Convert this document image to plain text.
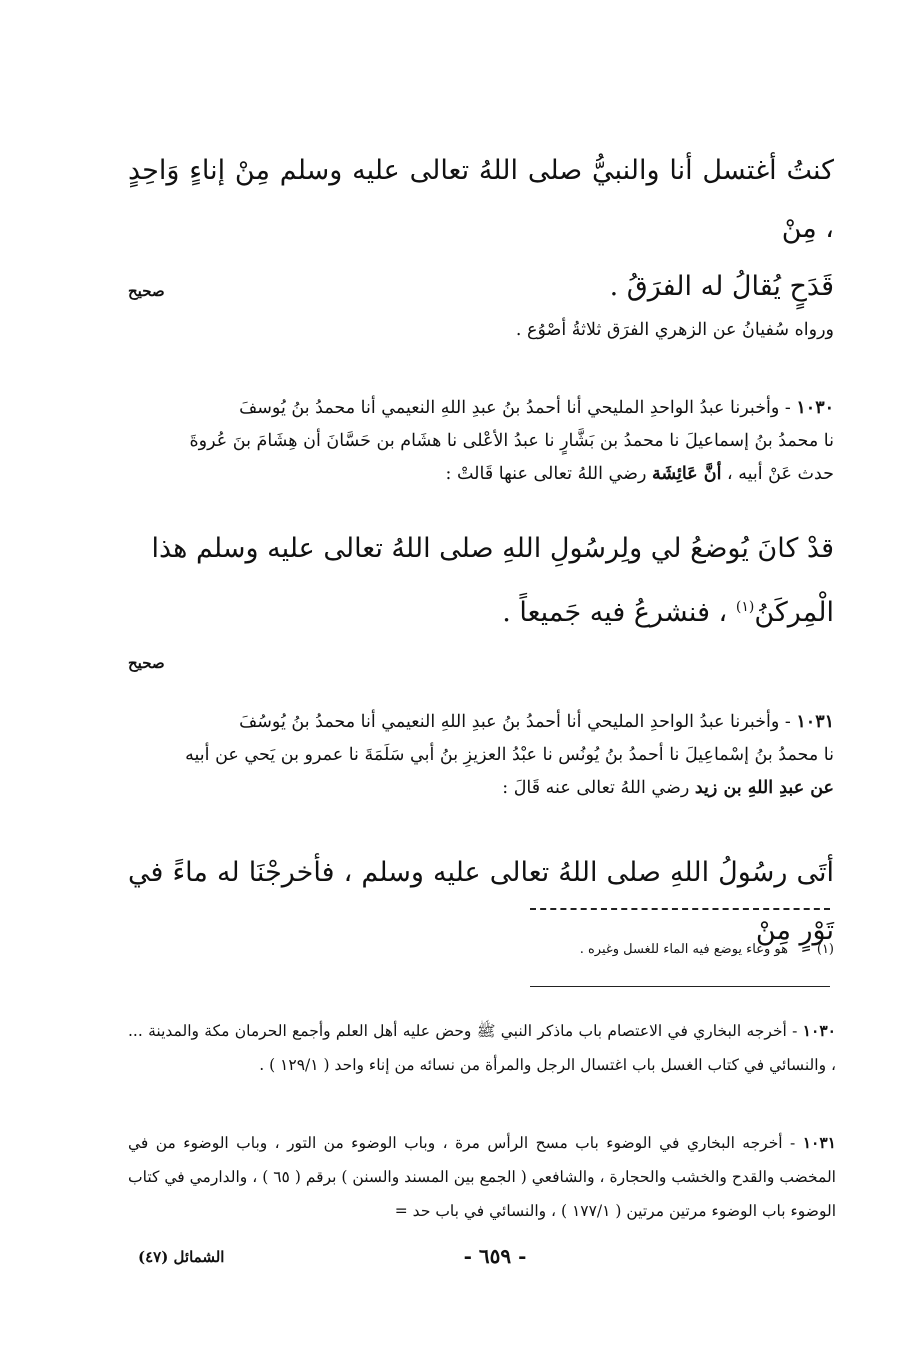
كنتُ أغتسل أنا والنبيُّ صلى اللهُ تعالى عليه وسلم مِنْ إناءٍ وَاحِدٍ ، مِنْ
قَدَحٍ يُقالُ له الفرَقُ .
صحيح
ورواه سُفيانُ عن الزهري الفرَق ثلاثةُ أصْوُع .
١٠٣٠ - وأخبرنا عبدُ الواحدِ المليحي أنا أحمدُ بنُ عبدِ اللهِ النعيمي أنا محمدُ بنُ يُوسفَ
نا محمدُ بنُ إسماعيلَ نا محمدُ بن بَشَّارٍ نا عبدُ الأعْلى نا هشَام بن حَسَّانَ أن هِشَامَ بنَ عُروةَ
حدث عَنْ أبيه ، أنَّ عَائِشَة رضي اللهُ تعالى عنها قَالتْ :
قدْ كانَ يُوضعُ لي ولِرسُولِ اللهِ صلى اللهُ تعالى عليه وسلم هذا
الْمِركَنُ$^{(١)}$ ، فنشرعُ فيه جَميعاً .
صحيح
١٠٣١ - وأخبرنا عبدُ الواحدِ المليحي أنا أحمدُ بنُ عبدِ اللهِ النعيمي أنا محمدُ بنُ يُوسُفَ
نا محمدُ بنُ إسْماعِيلَ نا أحمدُ بنُ يُونُس نا عبْدُ العزيزِ بنُ أبي سَلَمَةَ نا عمرو بن يَحي عن أبيه
عن عبدِ اللهِ بن زيد رضي اللهُ تعالى عنه قَالَ :
أتَى رسُولُ اللهِ صلى اللهُ تعالى عليه وسلم ، فأخرجْنَا له ماءً في تَوْرٍ مِنْ
(١)هو وعاء يوضع فيه الماء للغسل وغيره .
١٠٣٠ - أخرجه البخاري في الاعتصام باب ماذكر النبي ﷺ وحض عليه أهل العلم وأجمع الحرمان مكة والمدينة ... ، والنسائي في كتاب الغسل باب اغتسال الرجل والمرأة من نسائه من إناء واحد ( ١٢٩/١ ) .
١٠٣١ - أخرجه البخاري في الوضوء باب مسح الرأس مرة ، وباب الوضوء من التور ، وباب الوضوء من في المخضب والقدح والخشب والحجارة ، والشافعي ( الجمع بين المسند والسنن ) برقم ( ٦٥ ) ، والدارمي في كتاب الوضوء باب الوضوء مرتين مرتين ( ١٧٧/١ ) ، والنسائي في باب حد =
الشمائل (٤٧)	- ٦٥٩ -
